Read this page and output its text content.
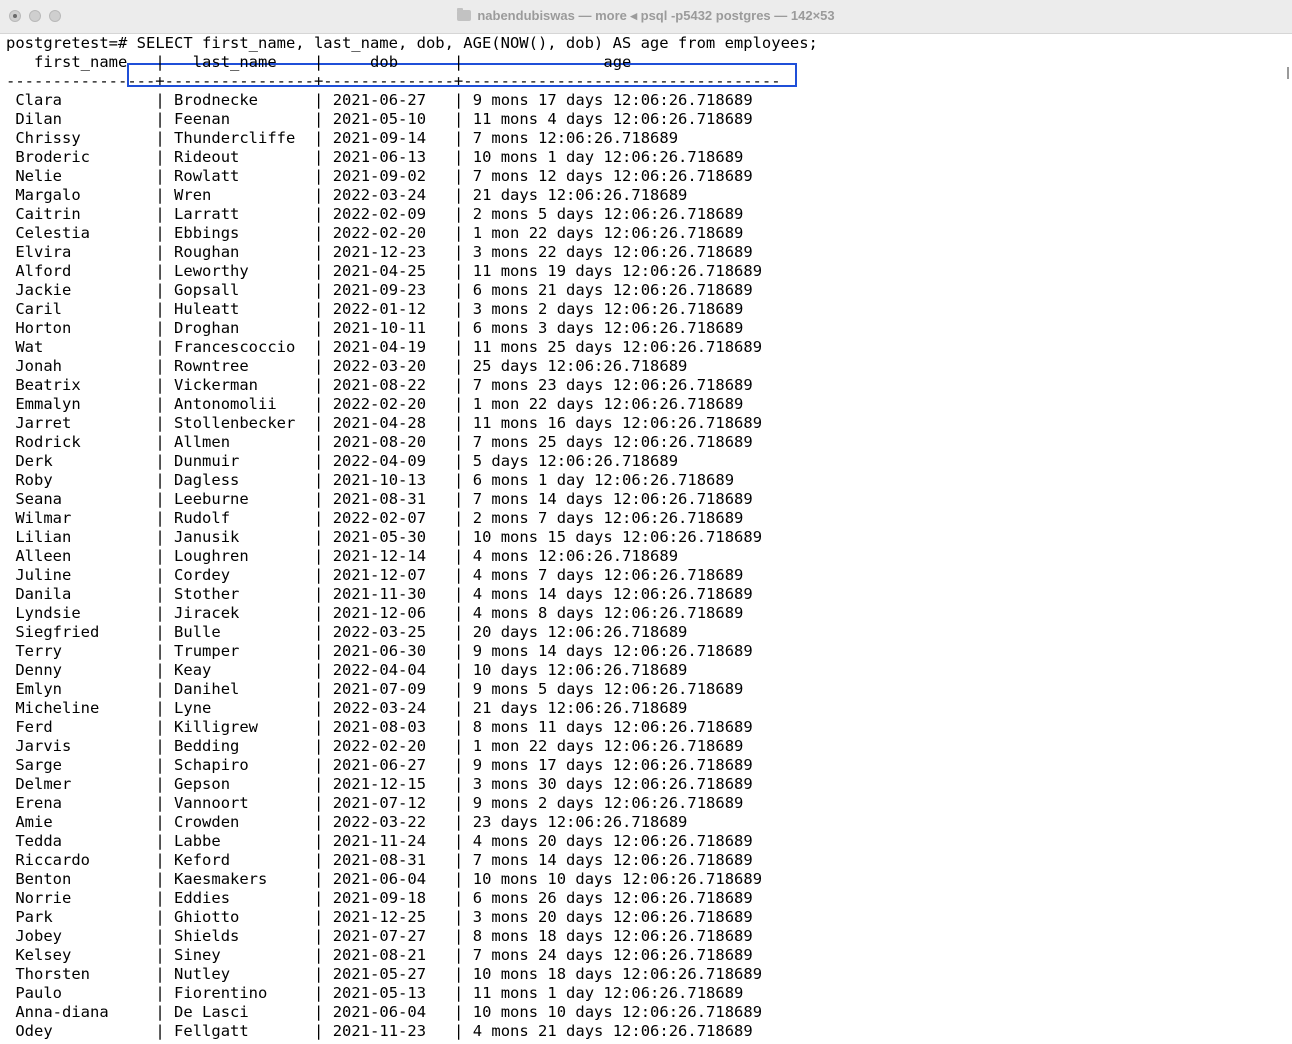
nabendubiswas — more ◂ psql -p5432 postgres — 142×53
postgretest=# SELECT first_name, last_name, dob, AGE(NOW(), dob) AS age from employees;
first_name   |   last_name    |     dob      |               age
----------------+----------------+--------------+----------------------------------
Clara          | Brodnecke      | 2021-06-27   | 9 mons 17 days 12:06:26.718689
Dilan          | Feenan         | 2021-05-10   | 11 mons 4 days 12:06:26.718689
Chrissy        | Thundercliffe  | 2021-09-14   | 7 mons 12:06:26.718689
Broderic       | Rideout        | 2021-06-13   | 10 mons 1 day 12:06:26.718689
Nelie          | Rowlatt        | 2021-09-02   | 7 mons 12 days 12:06:26.718689
Margalo        | Wren           | 2022-03-24   | 21 days 12:06:26.718689
Caitrin        | Larratt        | 2022-02-09   | 2 mons 5 days 12:06:26.718689
Celestia       | Ebbings        | 2022-02-20   | 1 mon 22 days 12:06:26.718689
Elvira         | Roughan        | 2021-12-23   | 3 mons 22 days 12:06:26.718689
Alford         | Leworthy       | 2021-04-25   | 11 mons 19 days 12:06:26.718689
Jackie         | Gopsall        | 2021-09-23   | 6 mons 21 days 12:06:26.718689
Caril          | Huleatt        | 2022-01-12   | 3 mons 2 days 12:06:26.718689
Horton         | Droghan        | 2021-10-11   | 6 mons 3 days 12:06:26.718689
Wat            | Francescoccio  | 2021-04-19   | 11 mons 25 days 12:06:26.718689
Jonah          | Rowntree       | 2022-03-20   | 25 days 12:06:26.718689
Beatrix        | Vickerman      | 2021-08-22   | 7 mons 23 days 12:06:26.718689
Emmalyn        | Antonomolii    | 2022-02-20   | 1 mon 22 days 12:06:26.718689
Jarret         | Stollenbecker  | 2021-04-28   | 11 mons 16 days 12:06:26.718689
Rodrick        | Allmen         | 2021-08-20   | 7 mons 25 days 12:06:26.718689
Derk           | Dunmuir        | 2022-04-09   | 5 days 12:06:26.718689
Roby           | Dagless        | 2021-10-13   | 6 mons 1 day 12:06:26.718689
Seana          | Leeburne       | 2021-08-31   | 7 mons 14 days 12:06:26.718689
Wilmar         | Rudolf         | 2022-02-07   | 2 mons 7 days 12:06:26.718689
Lilian         | Janusik        | 2021-05-30   | 10 mons 15 days 12:06:26.718689
Alleen         | Loughren       | 2021-12-14   | 4 mons 12:06:26.718689
Juline         | Cordey         | 2021-12-07   | 4 mons 7 days 12:06:26.718689
Danila         | Stother        | 2021-11-30   | 4 mons 14 days 12:06:26.718689
Lyndsie        | Jiracek        | 2021-12-06   | 4 mons 8 days 12:06:26.718689
Siegfried      | Bulle          | 2022-03-25   | 20 days 12:06:26.718689
Terry          | Trumper        | 2021-06-30   | 9 mons 14 days 12:06:26.718689
Denny          | Keay           | 2022-04-04   | 10 days 12:06:26.718689
Emlyn          | Danihel        | 2021-07-09   | 9 mons 5 days 12:06:26.718689
Micheline      | Lyne           | 2022-03-24   | 21 days 12:06:26.718689
Ferd           | Killigrew      | 2021-08-03   | 8 mons 11 days 12:06:26.718689
Jarvis         | Bedding        | 2022-02-20   | 1 mon 22 days 12:06:26.718689
Sarge          | Schapiro       | 2021-06-27   | 9 mons 17 days 12:06:26.718689
Delmer         | Gepson         | 2021-12-15   | 3 mons 30 days 12:06:26.718689
Erena          | Vannoort       | 2021-07-12   | 9 mons 2 days 12:06:26.718689
Amie           | Crowden        | 2022-03-22   | 23 days 12:06:26.718689
Tedda          | Labbe          | 2021-11-24   | 4 mons 20 days 12:06:26.718689
Riccardo       | Keford         | 2021-08-31   | 7 mons 14 days 12:06:26.718689
Benton         | Kaesmakers     | 2021-06-04   | 10 mons 10 days 12:06:26.718689
Norrie         | Eddies         | 2021-09-18   | 6 mons 26 days 12:06:26.718689
Park           | Ghiotto        | 2021-12-25   | 3 mons 20 days 12:06:26.718689
Jobey          | Shields        | 2021-07-27   | 8 mons 18 days 12:06:26.718689
Kelsey         | Siney          | 2021-08-21   | 7 mons 24 days 12:06:26.718689
Thorsten       | Nutley         | 2021-05-27   | 10 mons 18 days 12:06:26.718689
Paulo          | Fiorentino     | 2021-05-13   | 11 mons 1 day 12:06:26.718689
Anna-diana     | De Lasci       | 2021-06-04   | 10 mons 10 days 12:06:26.718689
Odey           | Fellgatt       | 2021-11-23   | 4 mons 21 days 12:06:26.718689
